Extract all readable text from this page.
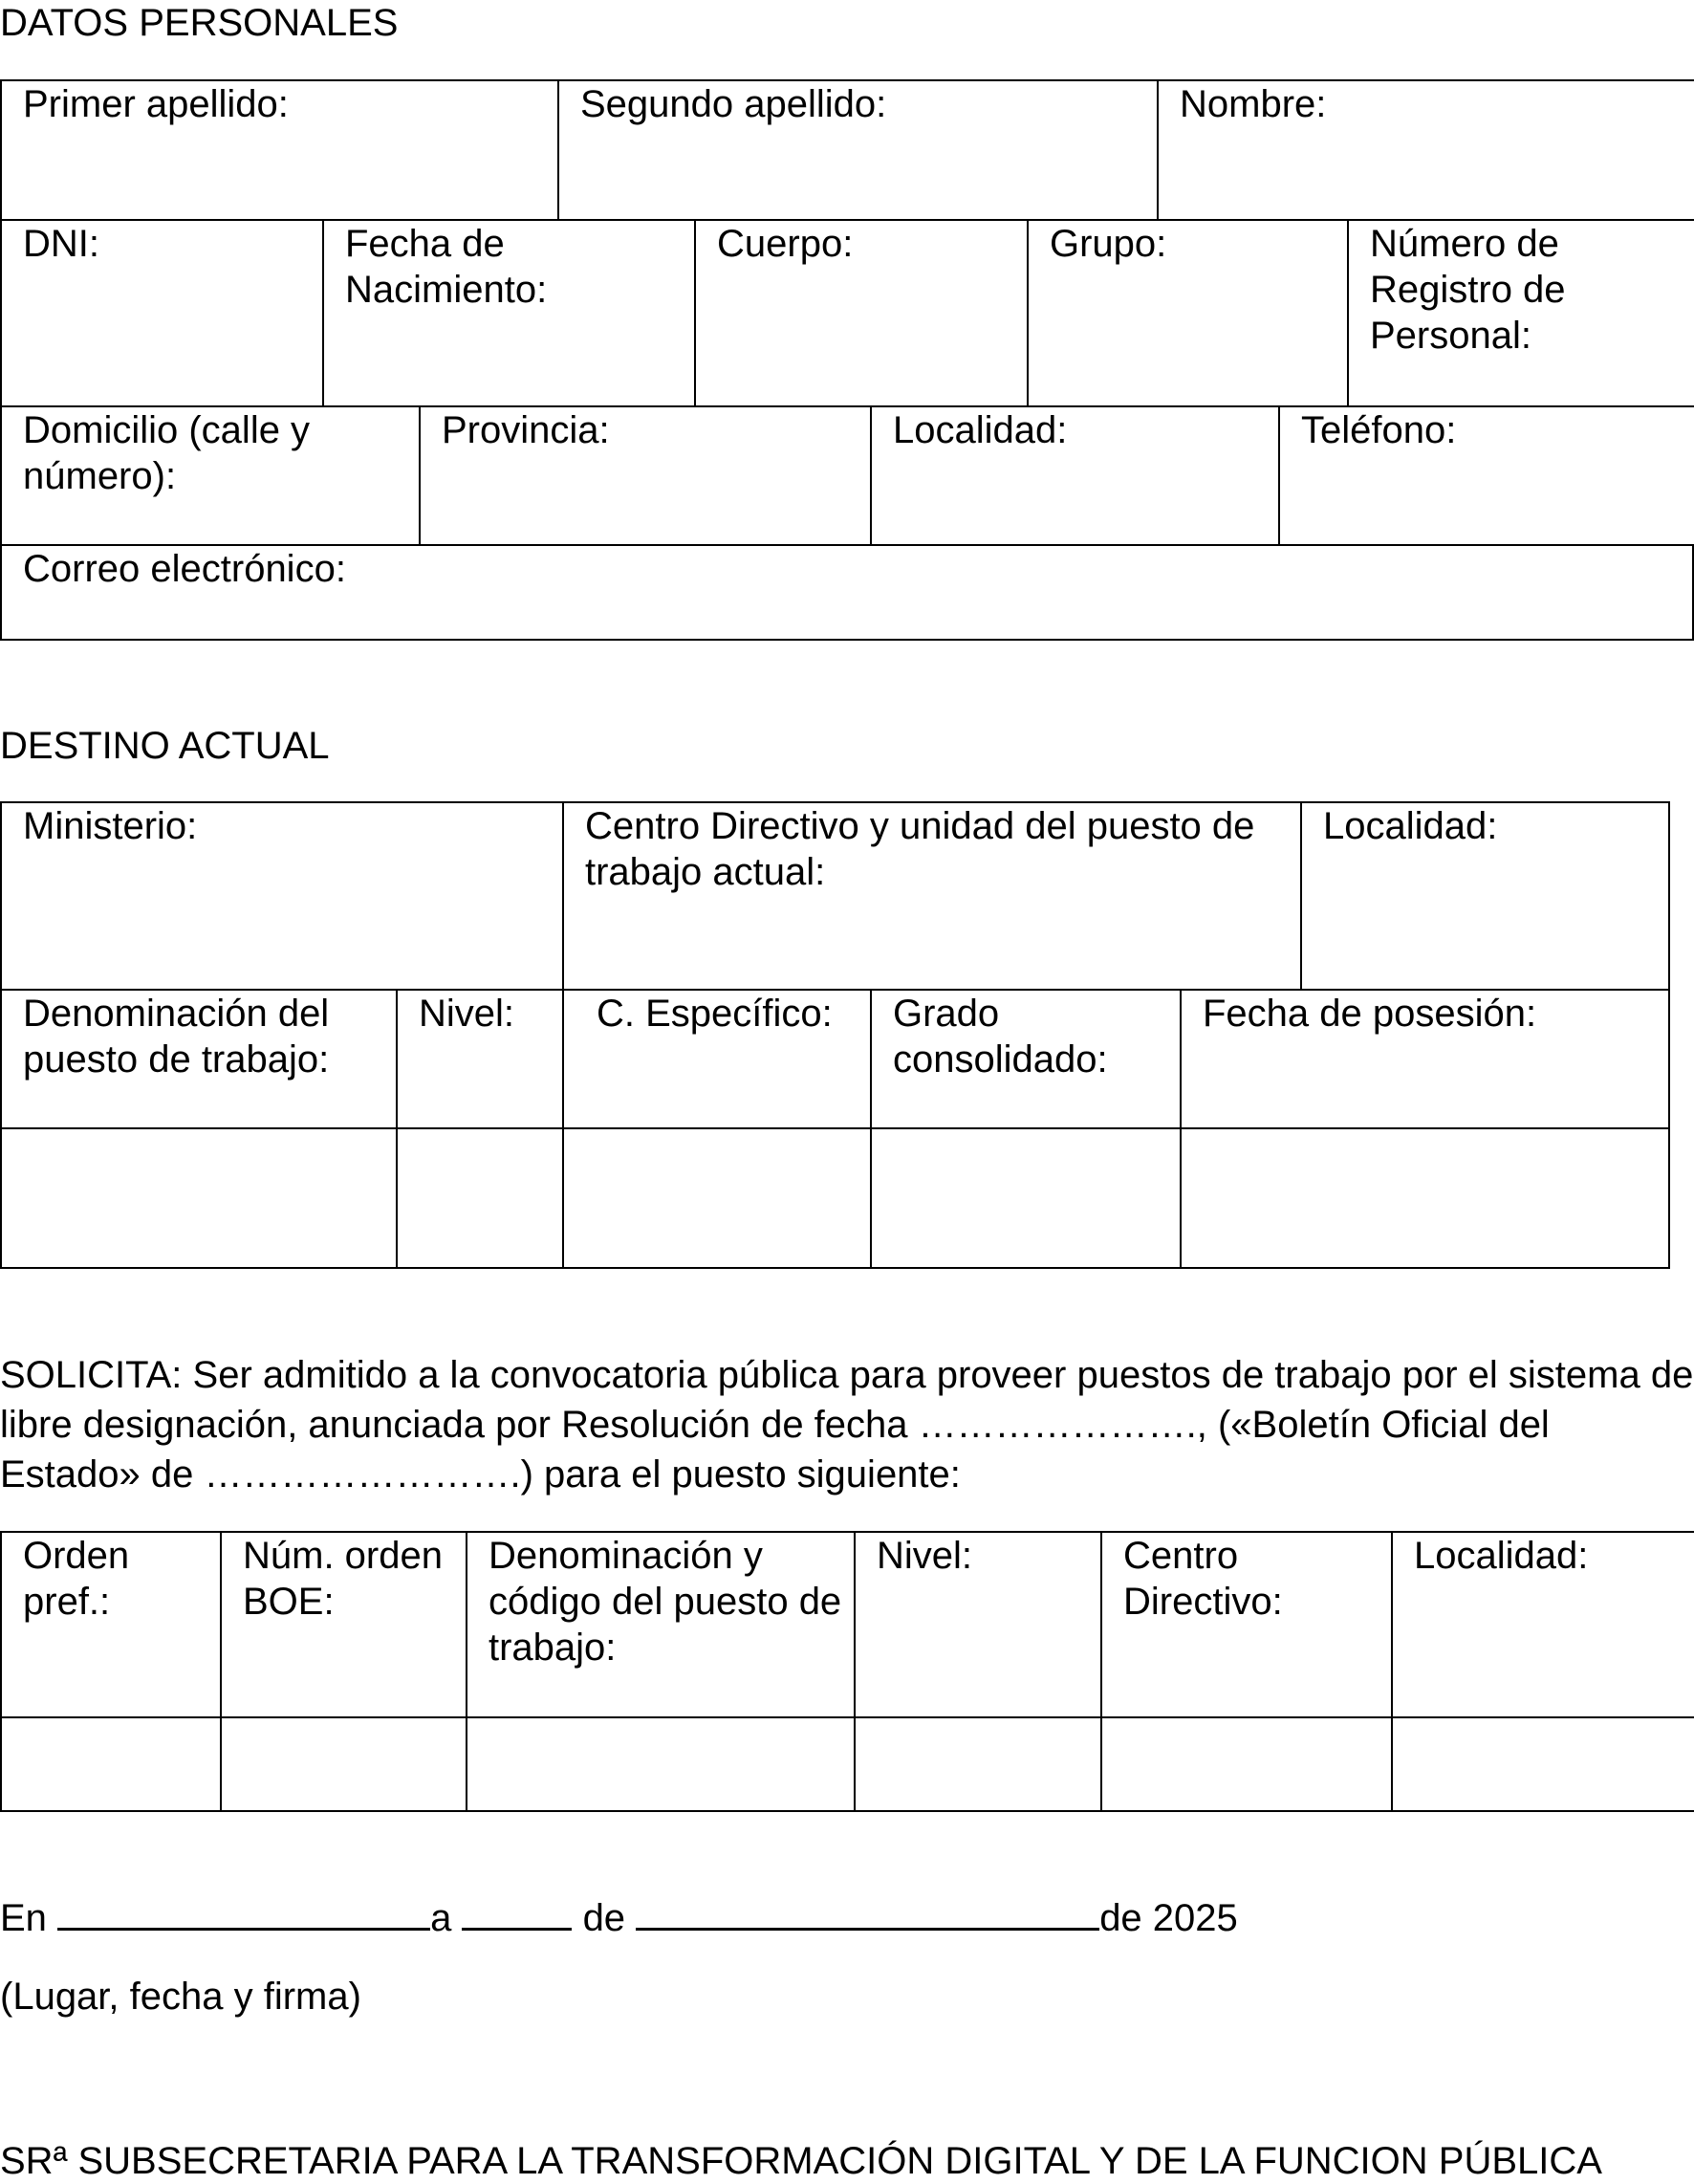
DATOS PERSONALES
Primer apellido:	Segundo apellido:	Nombre:
DNI:	Fecha de Nacimiento:	Cuerpo:	Grupo:	Número de Registro de Personal:
Domicilio (calle y número):	Provincia:	Localidad:	Teléfono:
Correo electrónico:
DESTINO ACTUAL
Ministerio:	Centro Directivo y unidad del puesto de trabajo actual:	Localidad:
Denominación del puesto de trabajo:	Nivel:	C. Específico:	Grado consolidado:	Fecha de posesión:

SOLICITA: Ser admitido a la convocatoria pública para proveer puestos de trabajo por el sistema de libre designación, anunciada por Resolución de fecha …………………., («Boletín Oficial del Estado» de …………………….) para el puesto siguiente:

Orden pref.:	Núm. orden BOE:	Denominación y código del puesto de trabajo:	Nivel:	Centro Directivo:	Localidad:

En	a	de	de 2025
(Lugar, fecha y firma)
SRª SUBSECRETARIA PARA LA TRANSFORMACIÓN DIGITAL Y DE LA FUNCION PÚBLICA
